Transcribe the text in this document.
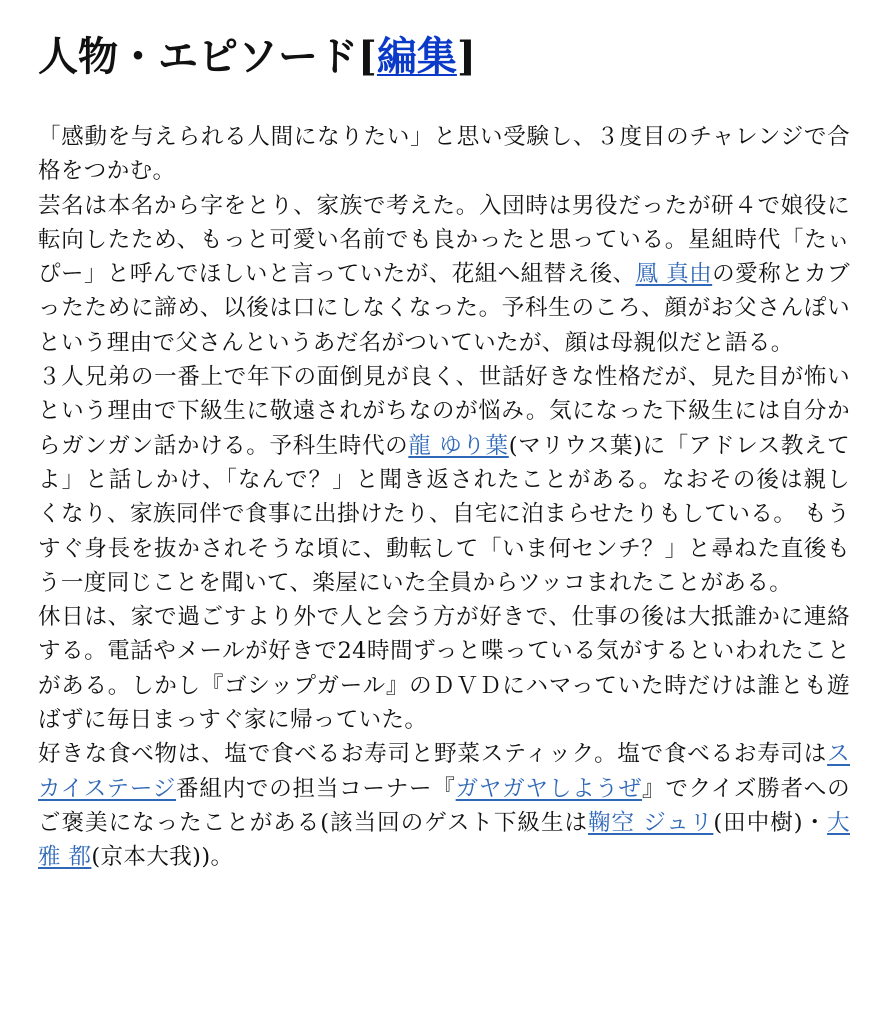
人物・エピソード[編集]

「感動を与えられる人間になりたい」と思い受験し、３度目のチャレンジで合格をつかむ。

芸名は本名から字をとり、家族で考えた。入団時は男役だったが研４で娘役に転向したため、もっと可愛い名前でも良かったと思っている。星組時代「たぃぴー」と呼んでほしいと言っていたが、花組へ組替え後、鳳 真由の愛称とカブったために諦め、以後は口にしなくなった。予科生のころ、顔がお父さんぽいという理由で父さんというあだ名がついていたが、顔は母親似だと語る。

３人兄弟の一番上で年下の面倒見が良く、世話好きな性格だが、見た目が怖いという理由で下級生に敬遠されがちなのが悩み。気になった下級生には自分からガンガン話かける。予科生時代の龍 ゆり葉(マリウス葉)に「アドレス教えてよ」と話しかけ、「なんで？」と聞き返されたことがある。なおその後は親しくなり、家族同伴で食事に出掛けたり、自宅に泊まらせたりもしている。 もうすぐ身長を抜かされそうな頃に、動転して「いま何センチ？」と尋ねた直後もう一度同じことを聞いて、楽屋にいた全員からツッコまれたことがある。

休日は、家で過ごすより外で人と会う方が好きで、仕事の後は大抵誰かに連絡する。電話やメールが好きで24時間ずっと喋っている気がするといわれたことがある。しかし『ゴシップガール』のＤＶＤにハマっていた時だけは誰とも遊ばずに毎日まっすぐ家に帰っていた。

好きな食べ物は、塩で食べるお寿司と野菜スティック。塩で食べるお寿司はスカイステージ番組内での担当コーナー『ガヤガヤしようぜ』でクイズ勝者へのご褒美になったことがある(該当回のゲスト下級生は鞠空 ジュリ(田中樹)・大雅 都(京本大我))。
